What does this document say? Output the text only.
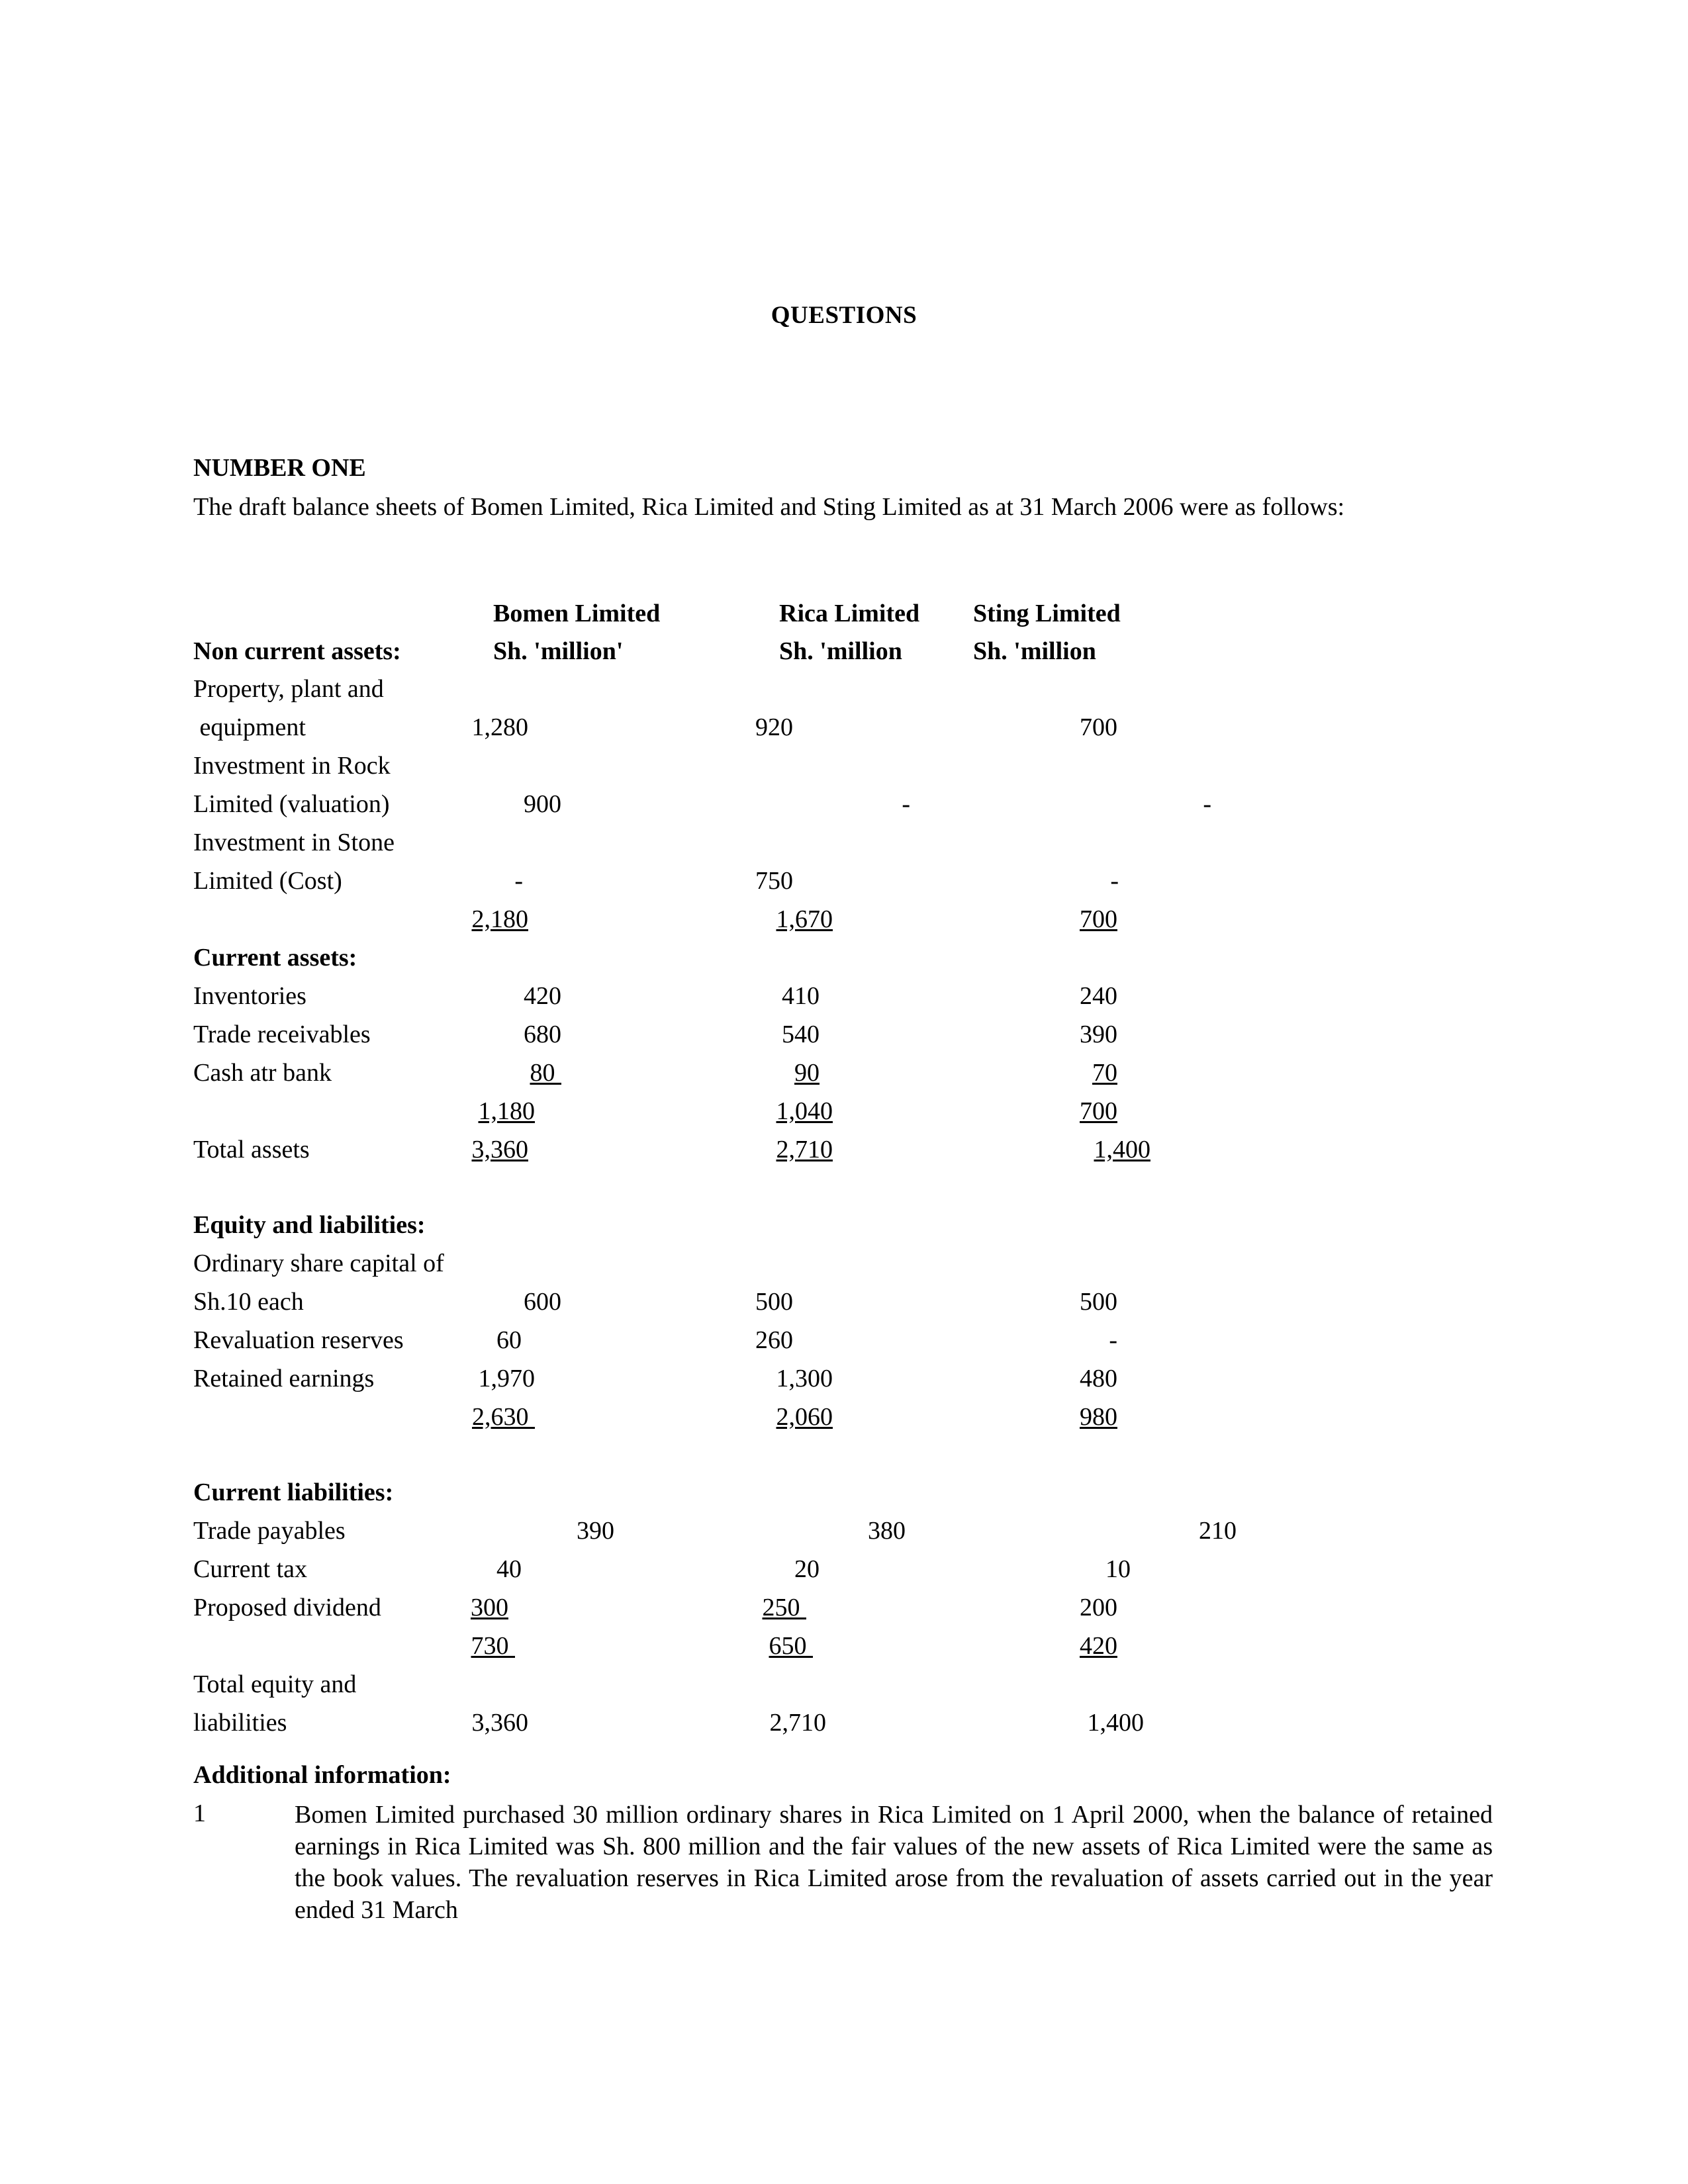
QUESTIONS
NUMBER ONE
The draft balance sheets of Bomen Limited, Rica Limited and Sting Limited as at 31 March 2006 were as follows:
Bomen Limited	Rica Limited Sting Limited
Non current assets:	Sh. 'million'	Sh. 'million	Sh. 'million
Property, plant and
equipment	1,280	920	700
Investment in Rock
Limited (valuation)	900	-	-
Investment in Stone
Limited (Cost)	-	750	-
2,180	1,670	700
Current assets:
Inventories	420	410	240
Trade receivables	680	540	390
Cash atr bank	80	90	70
1,180	1,040	700
Total assets	3,360	2,710	1,400
Equity and liabilities:
Ordinary share capital of
Sh.10 each	600	500	500
Revaluation reserves	60	260	-
Retained earnings	1,970	1,300	480
2,630	2,060	980
Current liabilities:
Trade payables	390	380	210
Current tax	40	20	10
Proposed dividend	300	250	200
730	650	420
Total equity and
liabilities	3,360	2,710	1,400
Additional information:
1	Bomen Limited purchased 30 million ordinary shares in Rica Limited on 1 April 2000, when the balance of retained earnings in Rica Limited was Sh. 800 million and the fair values of the new assets of Rica Limited were the same as the book values. The revaluation reserves in Rica Limited arose from the revaluation of assets carried out in the year ended 31 March
